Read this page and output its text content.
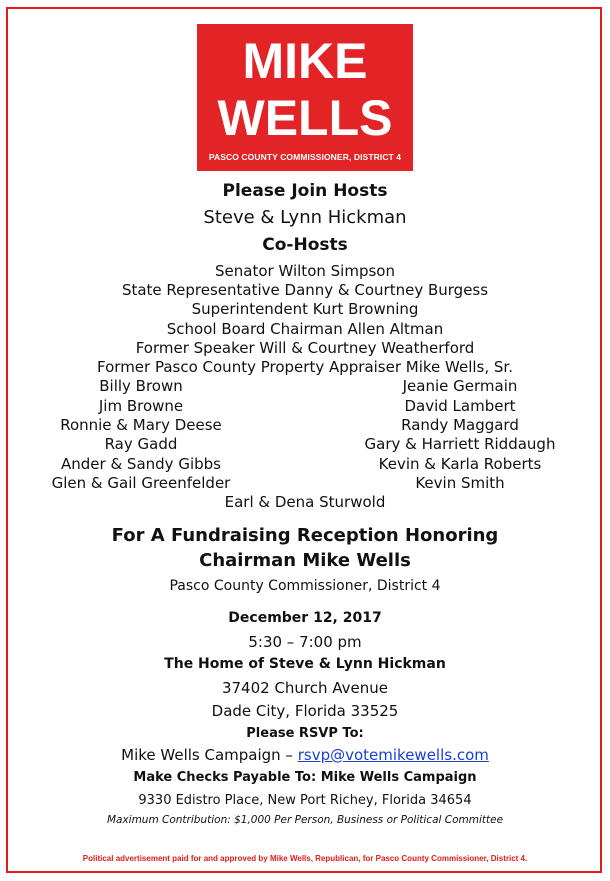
MIKE
WELLS
PASCO COUNTY COMMISSIONER, DISTRICT 4
Please Join Hosts
Steve & Lynn Hickman
Co-Hosts
Senator Wilton Simpson
State Representative Danny & Courtney Burgess
Superintendent Kurt Browning
School Board Chairman Allen Altman
Former Speaker Will & Courtney Weatherford
Former Pasco County Property Appraiser Mike Wells, Sr.
Billy Brown
Jim Browne
Ronnie & Mary Deese
Ray Gadd
Ander & Sandy Gibbs
Glen & Gail Greenfelder
Jeanie Germain
David Lambert
Randy Maggard
Gary & Harriett Riddaugh
Kevin & Karla Roberts
Kevin Smith
Earl & Dena Sturwold
For A Fundraising Reception Honoring
Chairman Mike Wells
Pasco County Commissioner, District 4
December 12, 2017
5:30 – 7:00 pm
The Home of Steve & Lynn Hickman
37402 Church Avenue
Dade City, Florida 33525
Please RSVP To:
Mike Wells Campaign – rsvp@votemikewells.com
Make Checks Payable To: Mike Wells Campaign
9330 Edistro Place, New Port Richey, Florida 34654
Maximum Contribution: $1,000 Per Person, Business or Political Committee
Political advertisement paid for and approved by Mike Wells, Republican, for Pasco County Commissioner, District 4.
